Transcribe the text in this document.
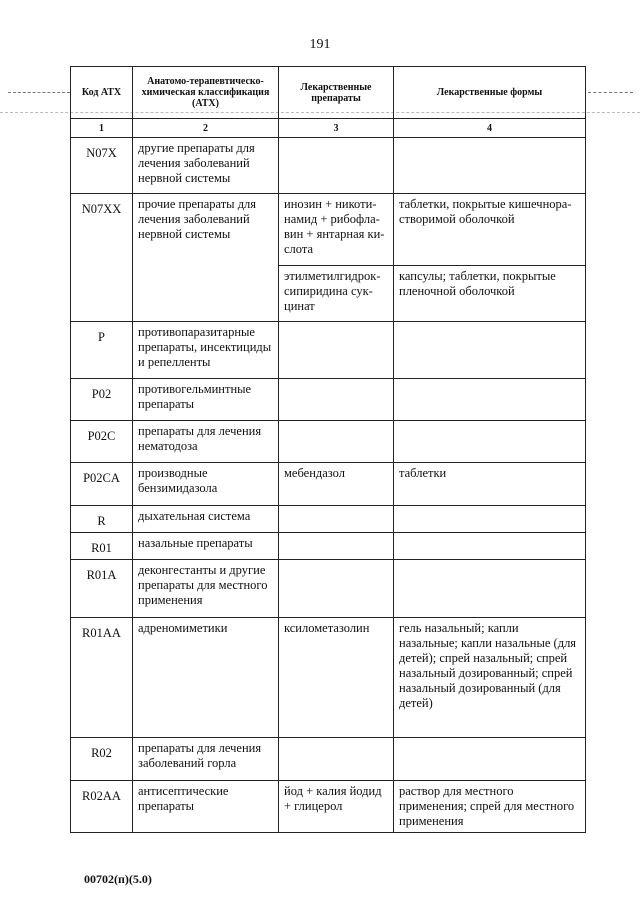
191
Код АТХ	Анатомо-терапевтическо-химическая классификация (АТХ)	Лекарственные препараты	Лекарственные формы
1	2	3	4
N07X	другие препараты для лечения заболеваний нервной системы		
N07XX	прочие препараты для лечения заболеваний нервной системы	инозин + никоти-намид + рибофла-вин + янтарная ки-слота	таблетки, покрытые кишечнора-створимой оболочкой
		этилметилгидрок-сипиридина сук-цинат	капсулы; таблетки, покрытые пленочной оболочкой
P	противопаразитарные препараты, инсектициды и репелленты		
P02	противогельминтные препараты		
P02C	препараты для лечения нематодоза		
P02CA	производные бензимидазола	мебендазол	таблетки
R	дыхательная система		
R01	назальные препараты		
R01A	деконгестанты и другие препараты для местного применения		
R01AA	адреномиметики	ксилометазолин	гель назальный; капли назальные; капли назальные (для детей); спрей назальный; спрей назальный дозированный; спрей назальный дозированный (для детей)
R02	препараты для лечения заболеваний горла		
R02AA	антисептические препараты	йод + калия йодид + глицерол	раствор для местного применения; спрей для местного применения
00702(п)(5.0)
